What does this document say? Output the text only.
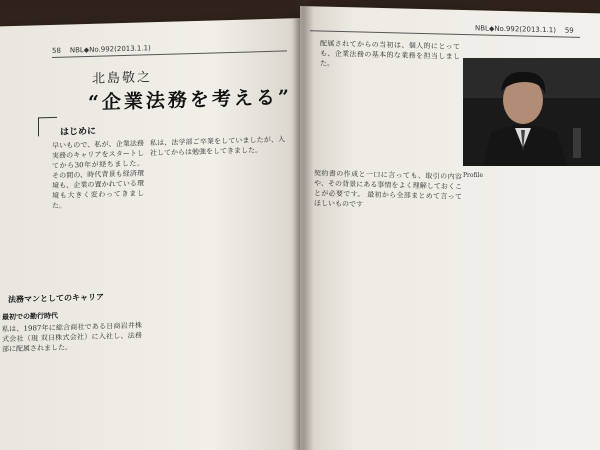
58 NBL◆No.992(2013.1.1)
北島敬之
“企業法務を考える”
はじめに
早いもので、私が、企業法務実務のキャリアをスタートしてから30年が経ちました。 その間の、時代背景も経済環境も、企業の置かれている環境も大きく変わってきました。
私は、法学部ご卒業をしていましたが、入社してからは勉強をしてきました。
法務マンとしてのキャリア
最初での勤行時代
私は、1987年に総合商社である日商岩井株式会社（現 双日株式会社）に入社し、法務部に配属されました。
NBL◆No.992(2013.1.1) 59
配属されてからの当初は、個人的にとっても、企業法務の基本的な業務を担当しました。
契約書の作成と一口に言っても、取引の内容や、その背景にある事情をよく理解しておくことが必要です。 最初から全部まとめて言ってほしいものです
Profile
